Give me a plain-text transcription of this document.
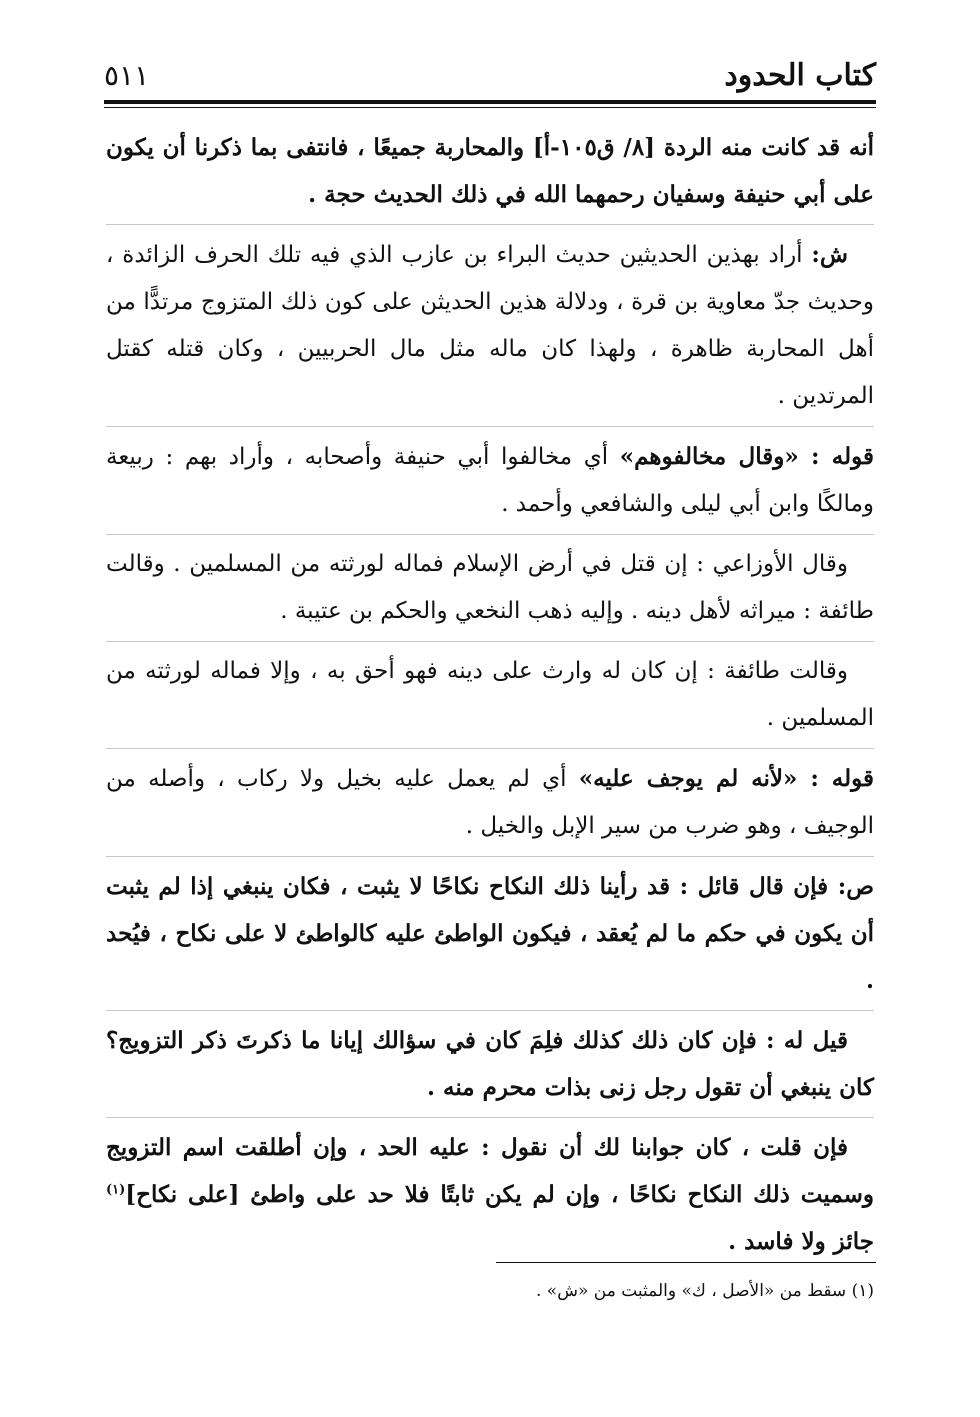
كتاب الحدود
٥١١

أنه قد كانت منه الردة [٨/ ق١٠٥-أ] والمحاربة جميعًا ، فانتفى بما ذكرنا أن يكون على أبي حنيفة وسفيان رحمهما الله في ذلك الحديث حجة .

ش: أراد بهذين الحديثين حديث البراء بن عازب الذي فيه تلك الحرف الزائدة ، وحديث جدّ معاوية بن قرة ، ودلالة هذين الحديثن على كون ذلك المتزوج مرتدًّا من أهل المحاربة ظاهرة ، ولهذا كان ماله مثل مال الحربيين ، وكان قتله كقتل المرتدين .

قوله : «وقال مخالفوهم» أي مخالفوا أبي حنيفة وأصحابه ، وأراد بهم : ربيعة ومالكًا وابن أبي ليلى والشافعي وأحمد .

وقال الأوزاعي : إن قتل في أرض الإسلام فماله لورثته من المسلمين . وقالت طائفة : ميراثه لأهل دينه . وإليه ذهب النخعي والحكم بن عتيبة .

وقالت طائفة : إن كان له وارث على دينه فهو أحق به ، وإلا فماله لورثته من المسلمين .

قوله : «لأنه لم يوجف عليه» أي لم يعمل عليه بخيل ولا ركاب ، وأصله من الوجيف ، وهو ضرب من سير الإبل والخيل .

ص: فإن قال قائل : قد رأينا ذلك النكاح نكاحًا لا يثبت ، فكان ينبغي إذا لم يثبت أن يكون في حكم ما لم يُعقد ، فيكون الواطئ عليه كالواطئ لا على نكاح ، فيُحد .

قيل له : فإن كان ذلك كذلك فلِمَ كان في سؤالك إيانا ما ذكرتَ ذكر التزويج؟ كان ينبغي أن تقول رجل زنى بذات محرم منه .

فإن قلت ، كان جوابنا لك أن نقول : عليه الحد ، وإن أطلقت اسم التزويج وسميت ذلك النكاح نكاحًا ، وإن لم يكن ثابتًا فلا حد على واطئ [على نكاح]$^{(١)}$ جائز ولا فاسد .

(١) سقط من «الأصل ، ك» والمثبت من «ش» .
